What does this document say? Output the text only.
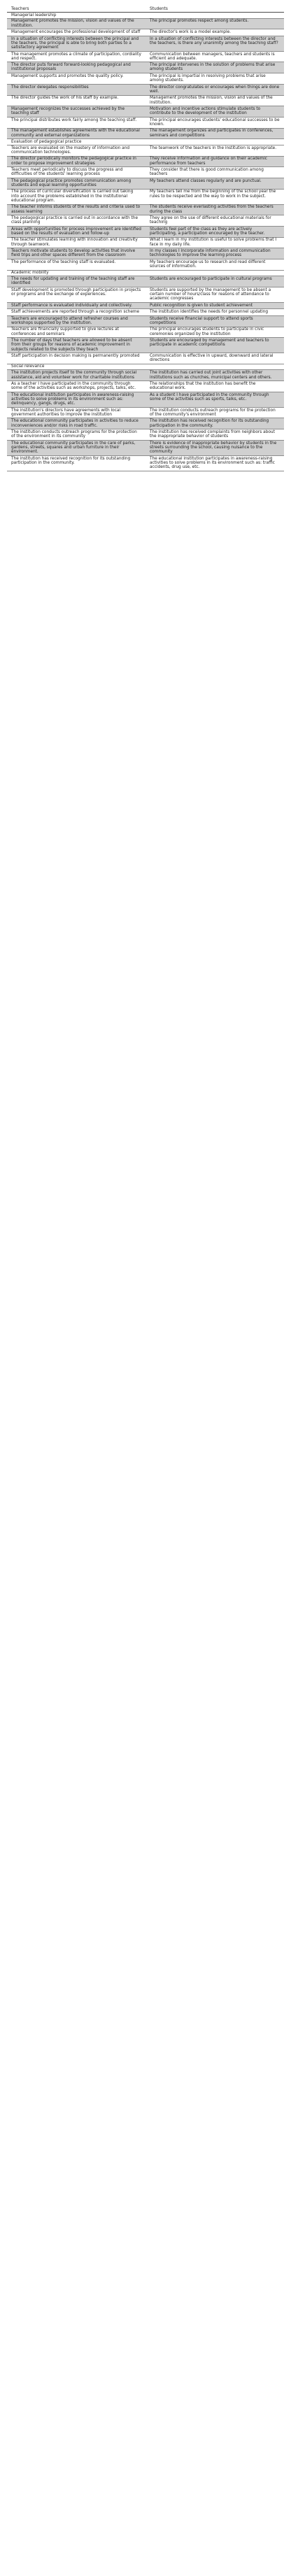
Teachers	Students
Managerial leadership	
Management promotes the mission, vision and values of the institution.	The principal promotes respect among students.
Management encourages the professional development of staff	The director's work is a model example.
In a situation of conflicting interests between the principal and the teachers, the principal is able to bring both parties to a satisfactory agreement	In a situation of conflicting interests between the director and the teachers, is there any unanimity among the teaching staff?
The management promotes a climate of participation, cordiality and respect.	Communication between managers, teachers and students is efficient and adequate.
The director puts forward forward-looking pedagogical and institutional proposals	The principal intervenes in the solution of problems that arise among students
Management supports and promotes the quality policy.	The principal is impartial in resolving problems that arise among students.
The director delegates responsibilities	The director congratulates or encourages when things are done well.
The director guides the work of his staff by example.	Management promotes the mission, vision and values of the institution.
Management recognizes the successes achieved by the teaching staff	Motivation and incentive actions stimulate students to contribute to the development of the institution
The principal distributes work fairly among the teaching staff.	The principal encourages students' educational successes to be known.
The management establishes agreements with the educational community and external organizations	The management organizes and participates in conferences, seminars and competitions
Evaluation of pedagogical practice	
Teachers are evaluated on the mastery of information and communication technologies.	The teamwork of the teachers in the institution is appropriate.
The director periodically monitors the pedagogical practice in order to propose improvement strategies	They receive information and guidance on their academic performance from teachers
Teachers meet periodically to discuss the progress and difficulties of the students' learning process	They consider that there is good communication among teachers
The pedagogical practice promotes communication among students and equal learning opportunities	My teachers attend classes regularly and are punctual.
The process of curricular diversification is carried out taking into account the problems established in the institutional educational program.	My teachers tell me from the beginning of the school year the rules to be respected and the way to work in the subject.
The teacher informs students of the results and criteria used to assess learning	The students receive everlasting activities from the teachers during the class
The pedagogical practice is carried out in accordance with the class planning	They agree on the use of different educational materials for teaching
Areas with opportunities for process improvement are identified based on the results of evaluation and follow-up	Students feel part of the class as they are actively participating, a participation encouraged by the teacher.
The teacher stimulates learning with innovation and creativity through teamwork.	What I learn in my institution is useful to solve problems that I face in my daily life.
Teachers motivate students to develop activities that involve field trips and other spaces different from the classroom	In my classes I incorporate information and communication technologies to improve the learning process
The performance of the teaching staff is evaluated.	My teachers encourage us to research and read different sources of information.
Academic mobility	
The needs for updating and training of the teaching staff are identified	Students are encouraged to participate in cultural programs
Staff development is promoted through participation in projects or programs and the exchange of experiences.	Students are supported by the management to be absent a certain number of hours/class for reasons of attendance to academic congresses
Staff performance is evaluated individually and collectively.	Public recognition is given to student achievement
Staff achievements are reported through a recognition scheme	The institution identifies the needs for personnel updating
Teachers are encouraged to attend refresher courses and workshops supported by the institution.	Students receive financial support to attend sports competitions
Teachers are financially supported to give lectures at conferences and seminars	The principal encourages students to participate in civic ceremonies organized by the institution
The number of days that teachers are allowed to be absent from their groups for reasons of academic improvement in subjects related to the subjects they teach	Students are encouraged by management and teachers to participate in academic competitions
Staff participation in decision making is permanently promoted	Communication is effective in upward, downward and lateral directions
Social relevance	
The institution projects itself to the community through social assistance, aid and volunteer work for charitable institutions	The institution has carried out joint activities with other institutions such as churches, municipal centers and others.
As a teacher I have participated in the community through some of the activities such as workshops, projects, talks, etc.	The relationships that the institution has benefit the educational work.
The educational institution participates in awareness-raising activities to solve problems in its environment such as: delinquency, gangs, drugs, etc.	As a student I have participated in the community through some of the activities such as sports, talks, etc.
The institution's directors have agreements with local government authorities to improve the institution	The institution conducts outreach programs for the protection of the community's environment
The educational community participates in activities to reduce inconveniences and/or risks in road traffic.	The institution has received recognition for its outstanding participation in the community.
The institution conducts outreach programs for the protection of the environment in its community	The institution has received complaints from neighbors about the inappropriate behavior of students
The educational community participates in the care of parks, gardens, streets, squares and urban furniture in their environment.	There is evidence of inappropriate behavior by students in the streets surrounding the school, causing nuisance to the community
The institution has received recognition for its outstanding participation in the community.	The educational institution participates in awareness-raising activities to solve problems in its environment such as: traffic accidents, drug use, etc.
